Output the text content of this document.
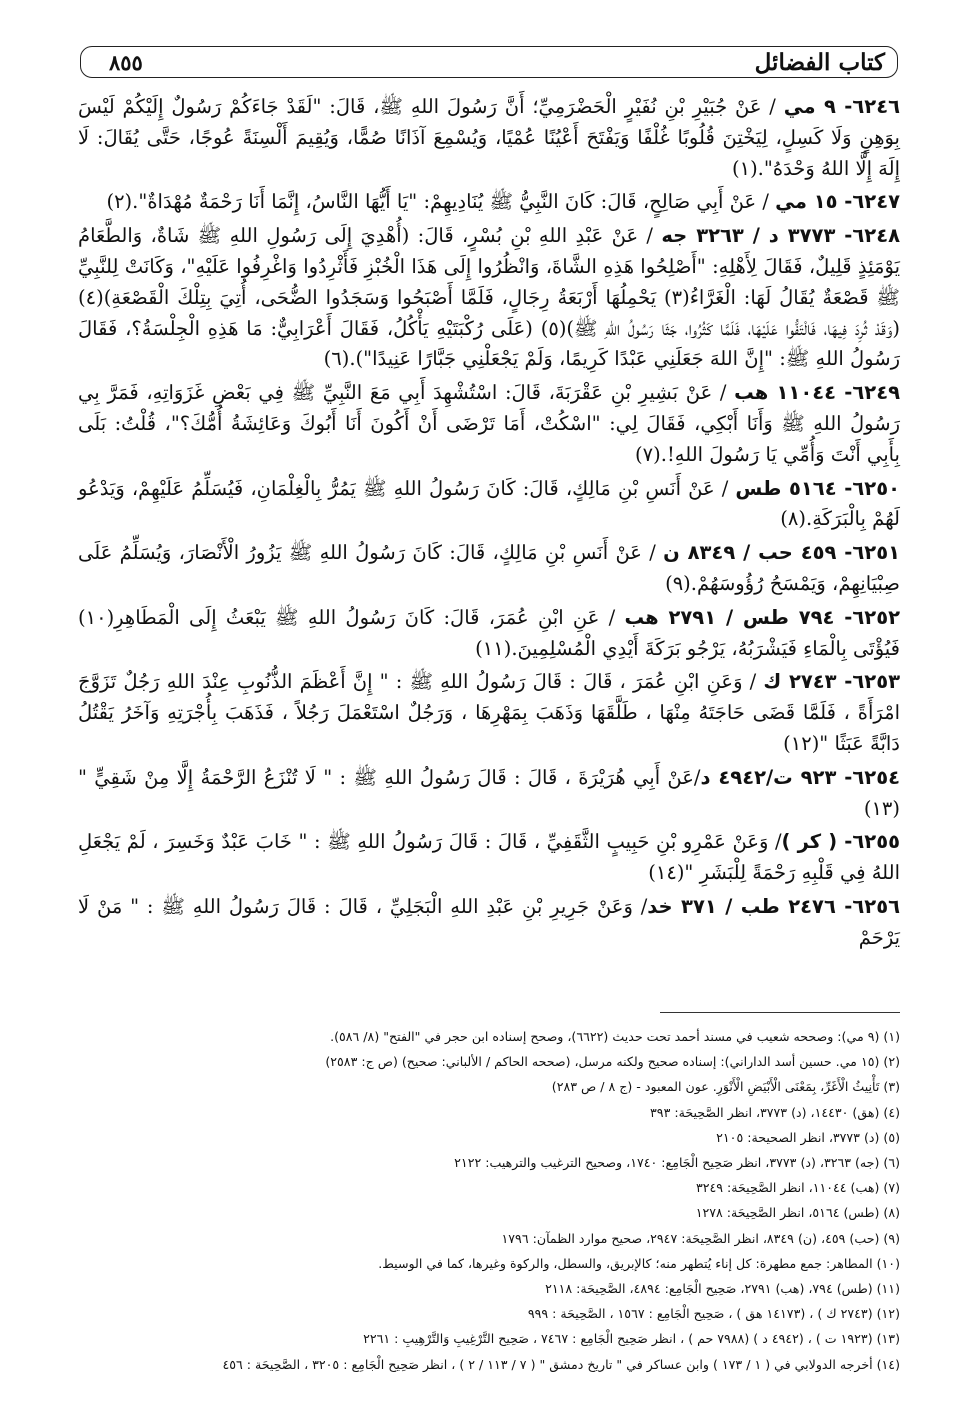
كتاب الفضائل
٨٥٥

٦٢٤٦- ٩ مي / عَنْ جُبَيْرِ بْنِ نُفَيْرٍ الْحَضْرَمِيِّ؛ أَنَّ رَسُولَ اللهِ ﷺ، قَالَ: "لَقَدْ جَاءَكُمْ رَسُولٌ إِلَيْكُمْ لَيْسَ بِوَهِنٍ وَلَا كَسِلٍ، لِيَخْتِنَ قُلُوبًا غُلْفًا وَيَفْتَحَ أَعْيُنًا عُمْيًا، وَيُسْمِعَ آذَانًا صُمًّا، وَيُقِيمَ أَلْسِنَةً عُوجًا، حَتَّى يُقَالَ: لَا إِلَهَ إِلَّا اللهُ وَحْدَهُ".(١)

٦٢٤٧- ١٥ مي / عَنْ أَبِي صَالِحٍ، قَالَ: كَانَ النَّبِيُّ ﷺ يُنَادِيهِمْ: "يَا أَيُّهَا النَّاسُ، إِنَّمَا أَنَا رَحْمَةٌ مُهْدَاةٌ".(٢)

٦٢٤٨- ٣٧٧٣ د / ٣٢٦٣ جه / عَنْ عَبْدِ اللهِ بْنِ بُسْرٍ، قَالَ: (أُهْدِيَ إِلَى رَسُولِ اللهِ ﷺ شَاةٌ، وَالطَّعَامُ يَوْمَئِذٍ قَلِيلٌ، فَقَالَ لِأَهْلِهِ: "أَصْلِحُوا هَذِهِ الشَّاةَ، وَانْظُرُوا إِلَى هَذَا الْخُبْزِ فَأَثْرِدُوا وَاغْرِفُوا عَلَيْهِ"، وَكَانَتْ لِلنَّبِيِّ ﷺ قَصْعَةٌ يُقَالُ لَهَا: الْغَرَّاءُ(٣) يَحْمِلُهَا أَرْبَعَةُ رِجَالٍ، فَلَمَّا أَصْبَحُوا وَسَجَدُوا الضُّحَى، أُتِيَ بِتِلْكَ الْقَصْعَةِ)(٤) (وَقَدْ ثُرِدَ فِيهَا، فَالْتَفُّوا عَلَيْهَا، فَلَمَّا كَثُرُوا، جَثَا رَسُولُ اللهِ ﷺ)(٥) (عَلَى رُكْبَتَيْهِ يَأْكُلُ، فَقَالَ أَعْرَابِيٌّ: مَا هَذِهِ الْجِلْسَةُ؟، فَقَالَ رَسُولُ اللهِ ﷺ: "إِنَّ اللهَ جَعَلَنِي عَبْدًا كَرِيمًا، وَلَمْ يَجْعَلْنِي جَبَّارًا عَنِيدًا").(٦)

٦٢٤٩- ١١٠٤٤ هب / عَنْ بَشِيرِ بْنِ عَقْرَبَةَ، قَالَ: اسْتُشْهِدَ أَبِي مَعَ النَّبِيِّ ﷺ فِي بَعْضِ غَزَوَاتِهِ، فَمَرَّ بِي رَسُولُ اللهِ ﷺ وَأَنَا أَبْكِي، فَقَالَ لِي: "اسْكُتْ، أَمَا تَرْضَى أَنْ أَكُونَ أَنَا أَبُوكَ وَعَائِشَةُ أُمُّكَ؟"، قُلْتُ: بَلَى بِأَبِي أَنْتَ وَأُمِّي يَا رَسُولَ اللهِ!.(٧)

٦٢٥٠- ٥١٦٤ طس / عَنْ أَنَسِ بْنِ مَالِكٍ، قَالَ: كَانَ رَسُولُ اللهِ ﷺ يَمُرُّ بِالْغِلْمَانِ، فَيُسَلِّمُ عَلَيْهِمْ، وَيَدْعُو لَهُمْ بِالْبَرَكَةِ.(٨)

٦٢٥١- ٤٥٩ حب / ٨٣٤٩ ن / عَنْ أَنَسِ بْنِ مَالِكٍ، قَالَ: كَانَ رَسُولُ اللهِ ﷺ يَزُورُ الْأَنْصَارَ، وَيُسَلِّمُ عَلَى صِبْيَانِهِمْ، وَيَمْسَحُ رُؤُوسَهُمْ.(٩)

٦٢٥٢- ٧٩٤ طس / ٢٧٩١ هب / عَنِ ابْنِ عُمَرَ، قَالَ: كَانَ رَسُولُ اللهِ ﷺ يَبْعَثُ إِلَى الْمَطَاهِرِ(١٠) فَيُؤْتَى بِالْمَاءِ فَيَشْرَبُهُ، يَرْجُو بَرَكَةَ أَيْدِي الْمُسْلِمِينَ.(١١)

٦٢٥٣- ٢٧٤٣ ك / وَعَنِ ابْنِ عُمَرَ ، قَالَ : قَالَ رَسُولُ اللهِ ﷺ : " إِنَّ أَعْظَمَ الذُّنُوبِ عِنْدَ اللهِ رَجُلٌ تَزَوَّجَ امْرَأَةً ، فَلَمَّا قَضَى حَاجَتَهُ مِنْهَا ، طَلَّقَهَا وَذَهَبَ بِمَهْرِهَا ، وَرَجُلٌ اسْتَعْمَلَ رَجُلاً ، فَذَهَبَ بِأُجْرَتِهِ وَآخَرُ يَقْتُلُ دَابَّةً عَبَثًا "(١٢)

٦٢٥٤- ٩٢٣ ت/٤٩٤٢ د/عَنْ أَبِي هُرَيْرَةَ ، قَالَ : قَالَ رَسُولُ اللهِ ﷺ : " لَا تُنْزَعُ الرَّحْمَةُ إِلَّا مِنْ شَقِيٍّ "(١٣)

٦٢٥٥- ( كر )/ وَعَنْ عَمْرِو بْنِ حَبِيبٍ الثَّقَفِيِّ ، قَالَ : قَالَ رَسُولُ اللهِ ﷺ : " خَابَ عَبْدٌ وَخَسِرَ ، لَمْ يَجْعَلِ اللهُ فِي قَلْبِهِ رَحْمَةً لِلْبَشَرِ "(١٤)

٦٢٥٦- ٢٤٧٦ طب / ٣٧١ خد/ وَعَنْ جَرِيرِ بْنِ عَبْدِ اللهِ الْبَجَلِيِّ ، قَالَ : قَالَ رَسُولُ اللهِ ﷺ : " مَنْ لَا يَرْحَمْ

(١) (٩ مي): وصححه شعيب في مسند أحمد تحت حديث (٦٦٢٢)، وصحح إسناده ابن حجر في "الفتح" (٨/ ٥٨٦).
(٢) (١٥ مي. حسين أسد الداراني): إسناده صحيح ولكنه مرسل، (صححه الحاكم / الألباني: صحيح) (ص ج: ٢٥٨٣)
(٣) تَأْنِيثُ الْأَغَرِّ، بِمَعْنَى الْأَبْيَضِ الْأَنْوَرِ. عون المعبود - (ج ٨ / ص ٢٨٣)
(٤) (هق) ١٤٤٣٠، (د) ٣٧٧٣، انظر الصَّحِيحَة: ٣٩٣
(٥) (د) ٣٧٧٣، انظر الصحيحة: ٢١٠٥
(٦) (جه) ٣٢٦٣، (د) ٣٧٧٣، انظر صَحِيح الْجَامِع: ١٧٤٠، وصحيح الترغيب والترهيب: ٢١٢٢
(٧) (هب) ١١٠٤٤، انظر الصَّحِيحَة: ٣٢٤٩
(٨) (طس) ٥١٦٤، انظر الصَّحِيحَة: ١٢٧٨
(٩) (حب) ٤٥٩، (ن) ٨٣٤٩، انظر الصَّحِيحَة: ٢٩٤٧، صحيح موارد الظمآن: ١٧٩٦
(١٠) المطاهر: جمع مطهرة: كل إناء يُتطهر منه؛ كالإبريق، والسطل، والركوة وغيرها، كما في الوسيط.
(١١) (طس) ٧٩٤، (هب) ٢٧٩١، صَحِيح الْجَامِع: ٤٨٩٤، الصَّحِيحَة: ٢١١٨
(١٢) (٢٧٤٣ ك ) ، (١٤١٧٣ هق ) ، صَحِيح الْجَامِع : ١٥٦٧ ، الصَّحِيحَة : ٩٩٩
(١٣) (١٩٢٣ ت ) ، (٤٩٤٢ د ) (٧٩٨٨ حم ) ، انظر صَحِيح الْجَامِع : ٧٤٦٧ ، صَحِيح التَّرْغِيبِ وَالتَّرْهِيبِ : ٢٢٦١
(١٤) أخرجه الدولابي في ( ١ / ١٧٣ ) وابن عساكر في " تاريخ دمشق " ( ٧ / ١١٣ / ٢ ) ، انظر صَحِيح الْجَامِع : ٣٢٠٥ ، الصَّحِيحَة : ٤٥٦
